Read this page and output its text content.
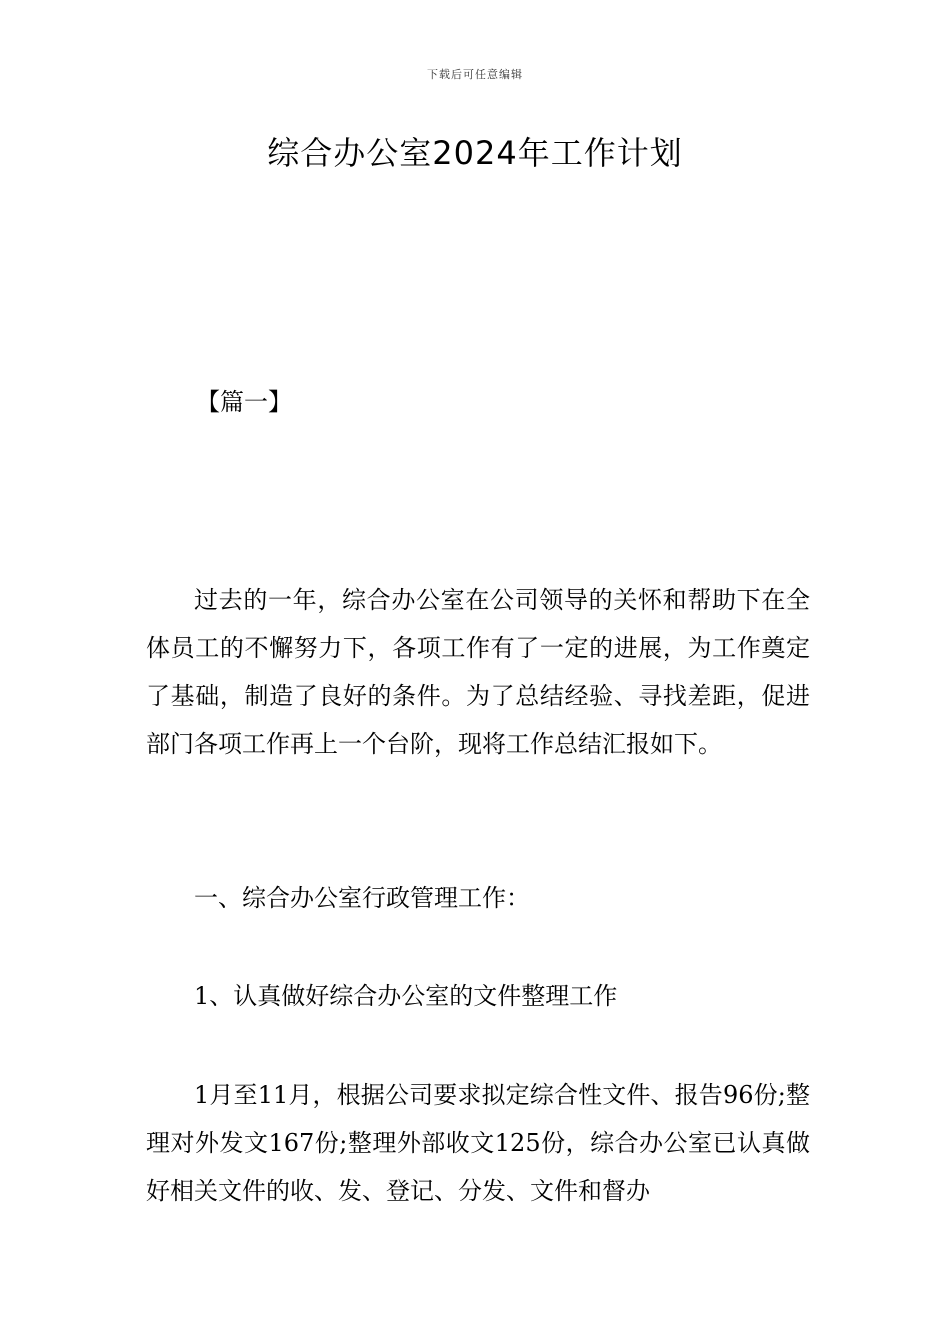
下载后可任意编辑
综合办公室2024年工作计划
【篇一】

过去的一年，综合办公室在公司领导的关怀和帮助下在全体员工的不懈努力下，各项工作有了一定的进展，为工作奠定了基础，制造了良好的条件。为了总结经验、寻找差距，促进部门各项工作再上一个台阶，现将工作总结汇报如下。

一、综合办公室行政管理工作：

1、认真做好综合办公室的文件整理工作

1月至11月，根据公司要求拟定综合性文件、报告96份;整理对外发文167份;整理外部收文125份，综合办公室已认真做好相关文件的收、发、登记、分发、文件和督办
